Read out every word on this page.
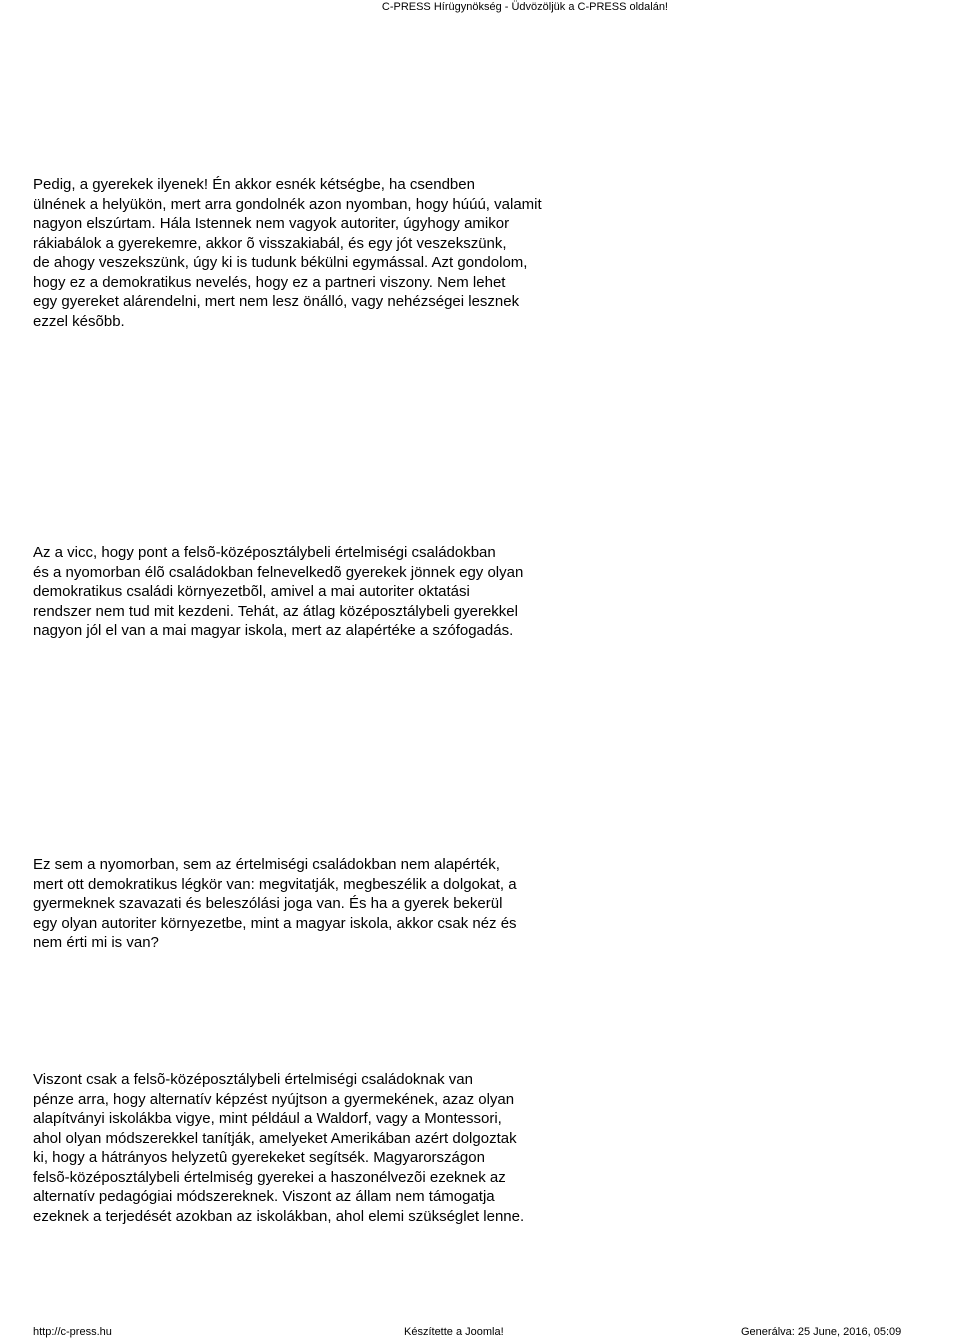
C-PRESS Hírügynökség - Üdvözöljük a C-PRESS oldalán!
Pedig, a gyerekek ilyenek! Én akkor esnék kétségbe, ha csendben
ülnének a helyükön, mert arra gondolnék azon nyomban, hogy húúú, valamit
nagyon elszúrtam. Hála Istennek nem vagyok autoriter, úgyhogy amikor
rákiabálok a gyerekemre, akkor õ visszakiabál, és egy jót veszekszünk,
de ahogy veszekszünk, úgy ki is tudunk békülni egymással. Azt gondolom,
hogy ez a demokratikus nevelés, hogy ez a partneri viszony. Nem lehet
egy gyereket alárendelni, mert nem lesz önálló, vagy nehézségei lesznek
ezzel késõbb.
Az a vicc, hogy pont a felsõ-középosztálybeli értelmiségi családokban
és a nyomorban élõ családokban felnevelkedõ gyerekek jönnek egy olyan
demokratikus családi környezetbõl, amivel a mai autoriter oktatási
rendszer nem tud mit kezdeni. Tehát, az átlag középosztálybeli gyerekkel
nagyon jól el van a mai magyar iskola, mert az alapértéke a szófogadás.
Ez sem a nyomorban, sem az értelmiségi családokban nem alapérték,
mert ott demokratikus légkör van: megvitatják, megbeszélik a dolgokat, a
gyermeknek szavazati és beleszólási joga van. És ha a gyerek bekerül
egy olyan autoriter környezetbe, mint a magyar iskola, akkor csak néz és
nem érti mi is van?
Viszont csak a felsõ-középosztálybeli értelmiségi családoknak van
pénze arra, hogy alternatív képzést nyújtson a gyermekének, azaz olyan
alapítványi iskolákba vigye, mint például a Waldorf, vagy a Montessori,
ahol olyan módszerekkel tanítják, amelyeket Amerikában azért dolgoztak
ki, hogy a hátrányos helyzetû gyerekeket segítsék. Magyarországon
felsõ-középosztálybeli értelmiség gyerekei a haszonélvezõi ezeknek az
alternatív pedagógiai módszereknek. Viszont az állam nem támogatja
ezeknek a terjedését azokban az iskolákban, ahol elemi szükséglet lenne.
http://c-press.hu	Készítette a Joomla!	Generálva: 25 June, 2016, 05:09
